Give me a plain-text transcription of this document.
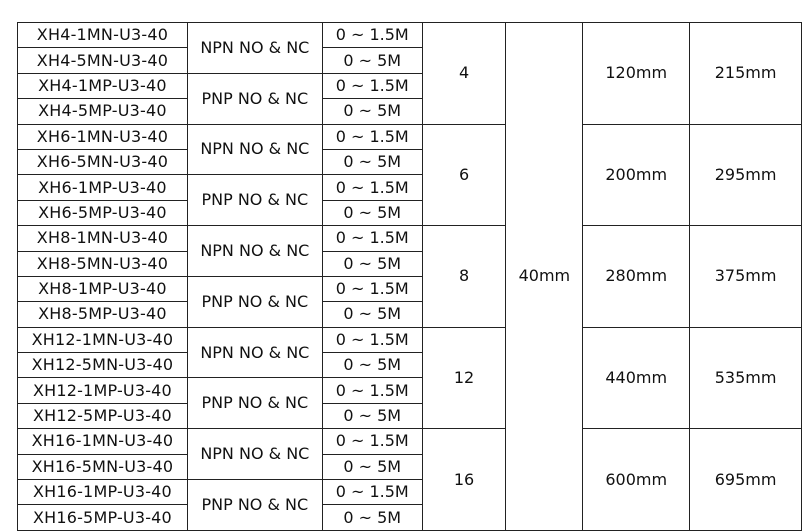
XH4-1MN-U3-40	NPN NO & NC	0 ~ 1.5M	4	40mm	120mm	215mm
XH4-5MN-U3-40		0 ~ 5M				
XH4-1MP-U3-40	PNP NO & NC	0 ~ 1.5M				
XH4-5MP-U3-40		0 ~ 5M				
XH6-1MN-U3-40	NPN NO & NC	0 ~ 1.5M	6		200mm	295mm
XH6-5MN-U3-40		0 ~ 5M				
XH6-1MP-U3-40	PNP NO & NC	0 ~ 1.5M				
XH6-5MP-U3-40		0 ~ 5M				
XH8-1MN-U3-40	NPN NO & NC	0 ~ 1.5M	8		280mm	375mm
XH8-5MN-U3-40		0 ~ 5M				
XH8-1MP-U3-40	PNP NO & NC	0 ~ 1.5M				
XH8-5MP-U3-40		0 ~ 5M				
XH12-1MN-U3-40	NPN NO & NC	0 ~ 1.5M	12		440mm	535mm
XH12-5MN-U3-40		0 ~ 5M				
XH12-1MP-U3-40	PNP NO & NC	0 ~ 1.5M				
XH12-5MP-U3-40		0 ~ 5M				
XH16-1MN-U3-40	NPN NO & NC	0 ~ 1.5M	16		600mm	695mm
XH16-5MN-U3-40		0 ~ 5M				
XH16-1MP-U3-40	PNP NO & NC	0 ~ 1.5M				
XH16-5MP-U3-40		0 ~ 5M				
